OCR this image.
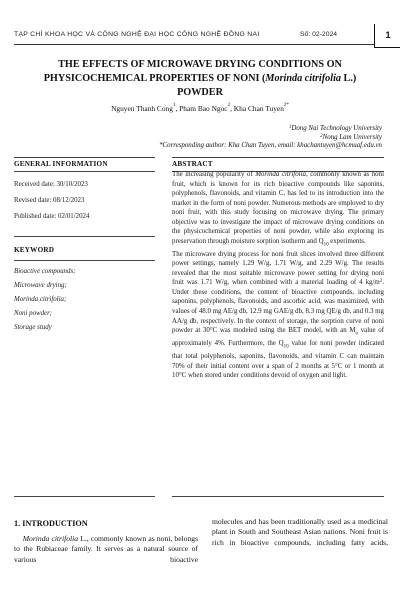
TẠP CHÍ KHOA HỌC VÀ CÔNG NGHỆ ĐẠI HỌC CÔNG NGHỆ ĐỒNG NAI	Số: 02-2024	1
THE EFFECTS OF MICROWAVE DRYING CONDITIONS ON
PHYSICOCHEMICAL PROPERTIES OF NONI (Morinda citrifolia L.)
POWDER
Nguyen Thanh Cong$^1$, Pham Bao Ngoc$^2$, Kha Chan Tuyen$^{2*}$
$^1$Dong Nai Technology University
$^2$Nong Lam University
*Corresponding author: Kha Chan Tuyen, email: khachantuyen@hcmuaf.edu.vn
GENERAL INFORMATION
Received date: 30/10/2023
Revised date: 08/12/2023
Published date: 02/01/2024
KEYWORD
Bioactive compounds;
Microwave drying;
Morinda citrifolia;
Noni powder;
Storage study
ABSTRACT

The increasing popularity of Morinda citrifolia, commonly known as noni fruit, which is known for its rich bioactive compounds like saponins, polyphenols, flavonoids, and vitamin C, has led to its introduction into the market in the form of noni powder. Numerous methods are employed to dry noni fruit, with this study focusing on microwave drying. The primary objective was to investigate the impact of microwave drying conditions on the physicochemical properties of noni powder, while also exploring its preservation through moisture sorption isotherm and $Q_{10}$ experiments.

The microwave drying process for noni fruit slices involved three different power settings, namely 1.29 W/g, 1.71 W/g, and 2.29 W/g. The results revealed that the most suitable microwave power setting for drying noni fruit was 1.71 W/g, when combined with a material loading of 4 $kg/m^2$. Under these conditions, the content of bioactive compounds, including saponins, polyphenols, flavonoids, and ascorbic acid, was maximized, with values of 48.0 mg AE/g db, 12.9 mg GAE/g db, 8.3 mg QE/g db, and 0.3 mg AA/g db, respectively. In the context of storage, the sorption curve of noni powder at 30°C was modeled using the BET model, with an $M_o$ value of approximately 4%. Furthermore, the $Q_{10}$ value for noni powder indicated that total polyphenols, saponins, flavonoids, and vitamin C can maintain 70% of their initial content over a span of 2 months at 5°C or 1 month at 10°C when stored under conditions devoid of oxygen and light.

1. INTRODUCTION
Morinda citrifolia L., commonly known as noni, belongs to the Rubiaceae family. It serves as a natural source of various bioactive
molecules and has been traditionally used as a medicinal plant in South and Southeast Asian nations. Noni fruit is rich in bioactive compounds, including fatty acids,
